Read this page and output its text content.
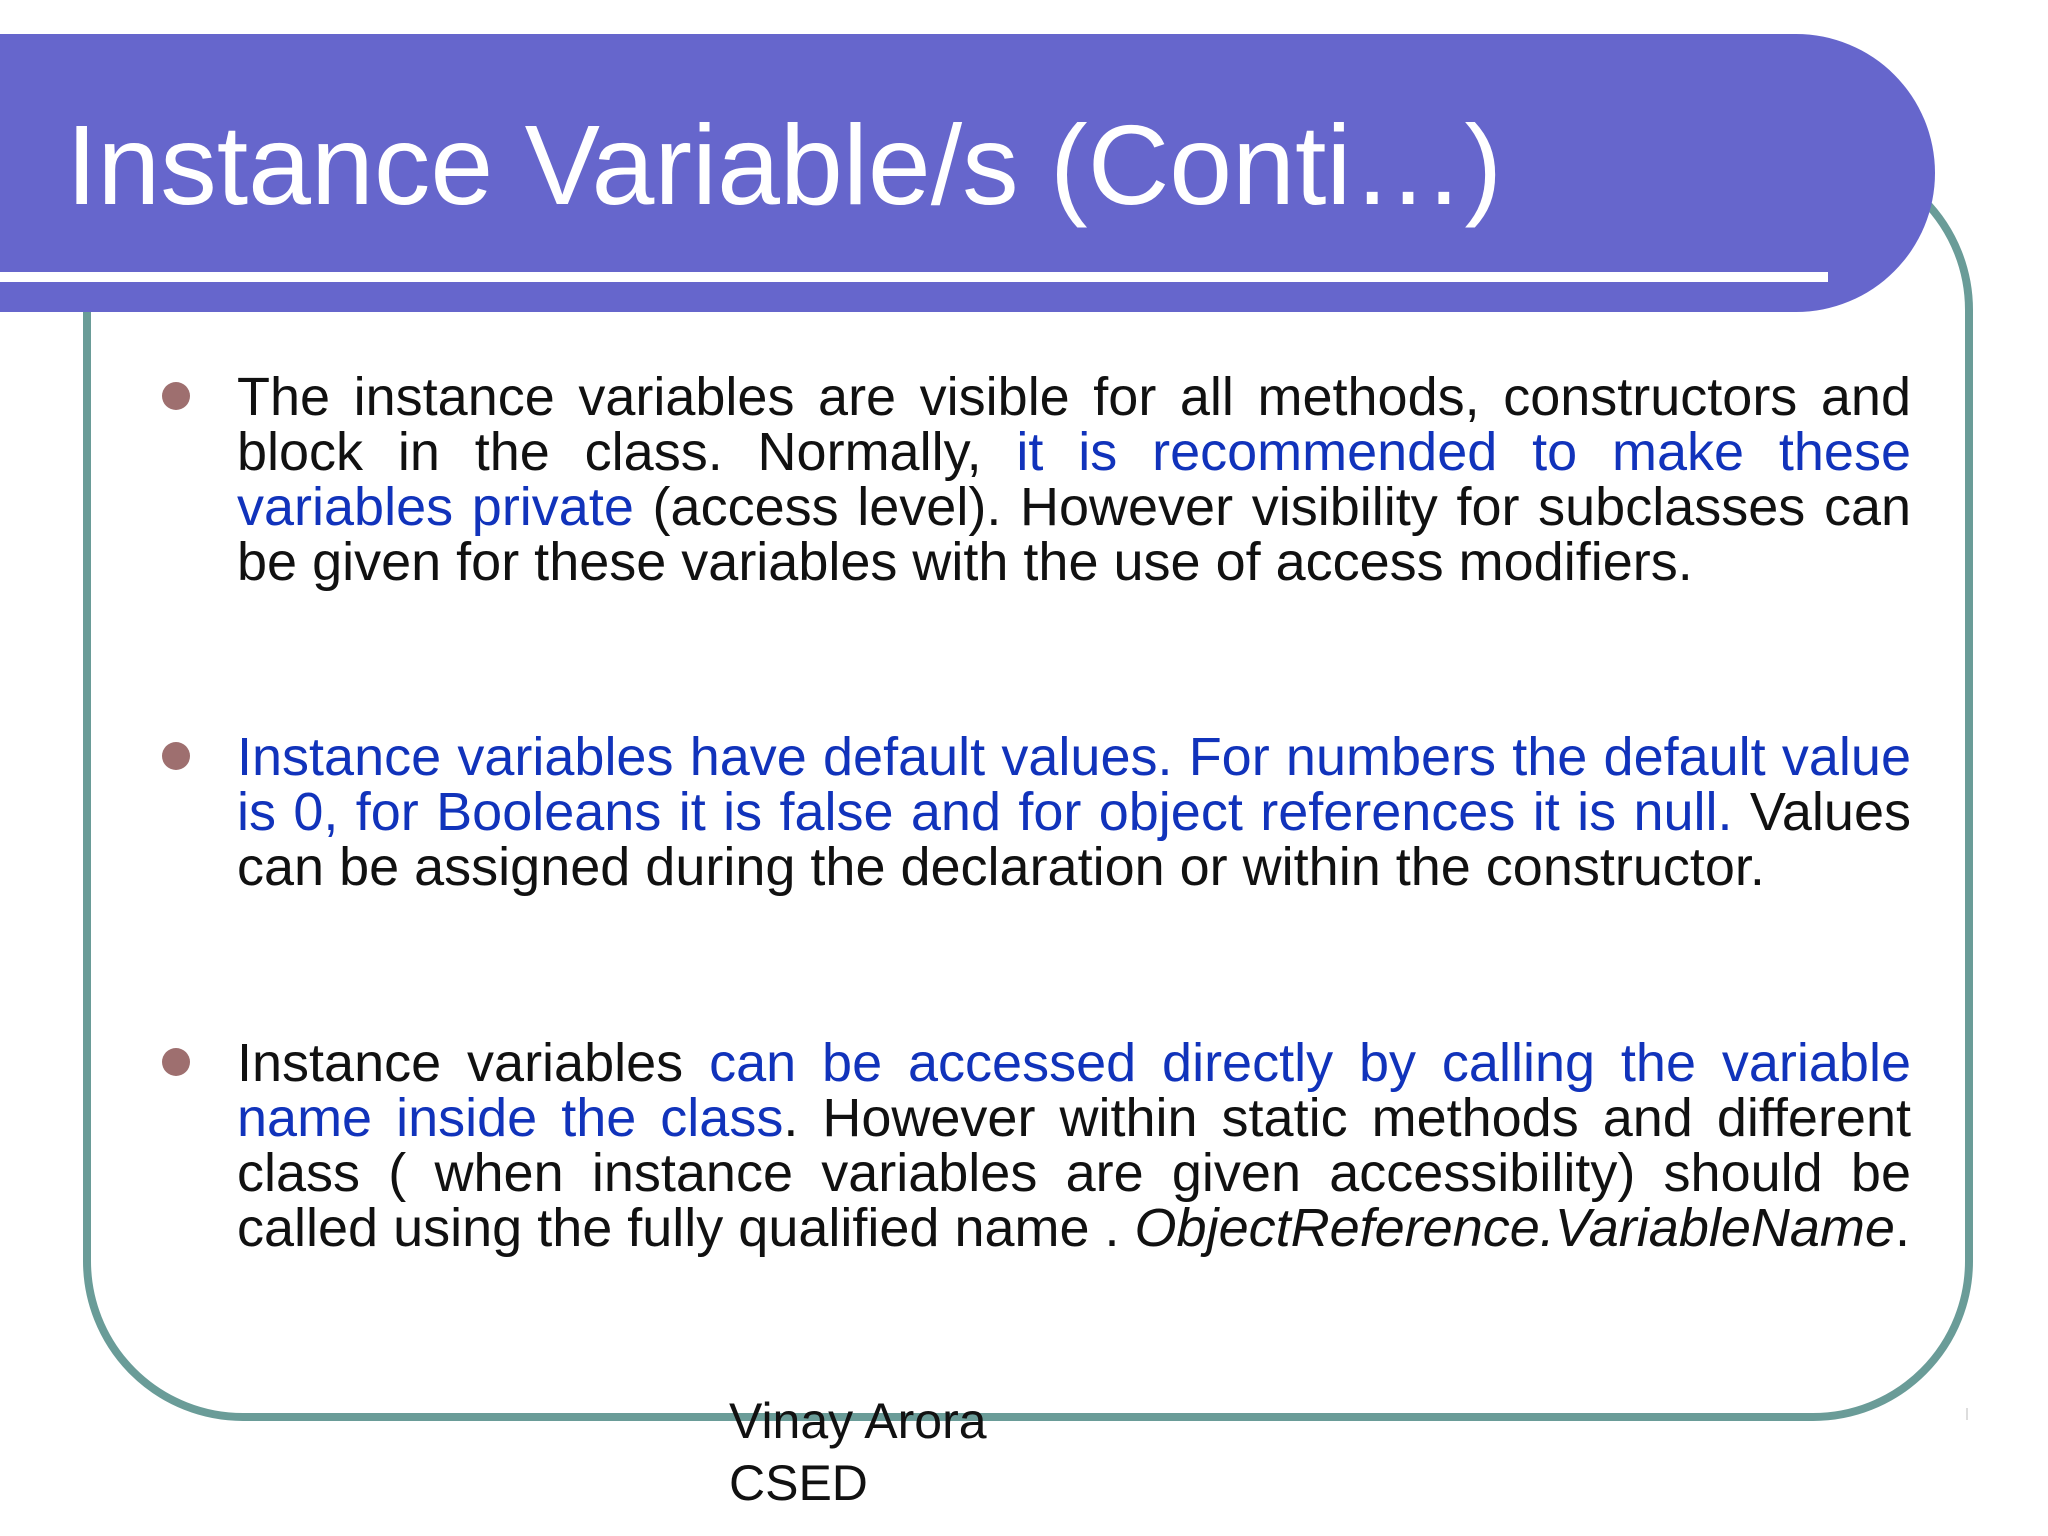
Instance Variable/s (Conti…)

The instance variables are visible for all methods, constructors and block in the class. Normally, it is recommended to make these variables private (access level). However visibility for subclasses can be given for these variables with the use of access modifiers.

Instance variables have default values. For numbers the default value is 0, for Booleans it is false and for object references it is null. Values can be assigned during the declaration or within the constructor.

Instance variables can be accessed directly by calling the variable name inside the class. However within static methods and different class ( when instance variables are given accessibility) should be called using the fully qualified name . ObjectReference.VariableName.

Vinay Arora
CSED
